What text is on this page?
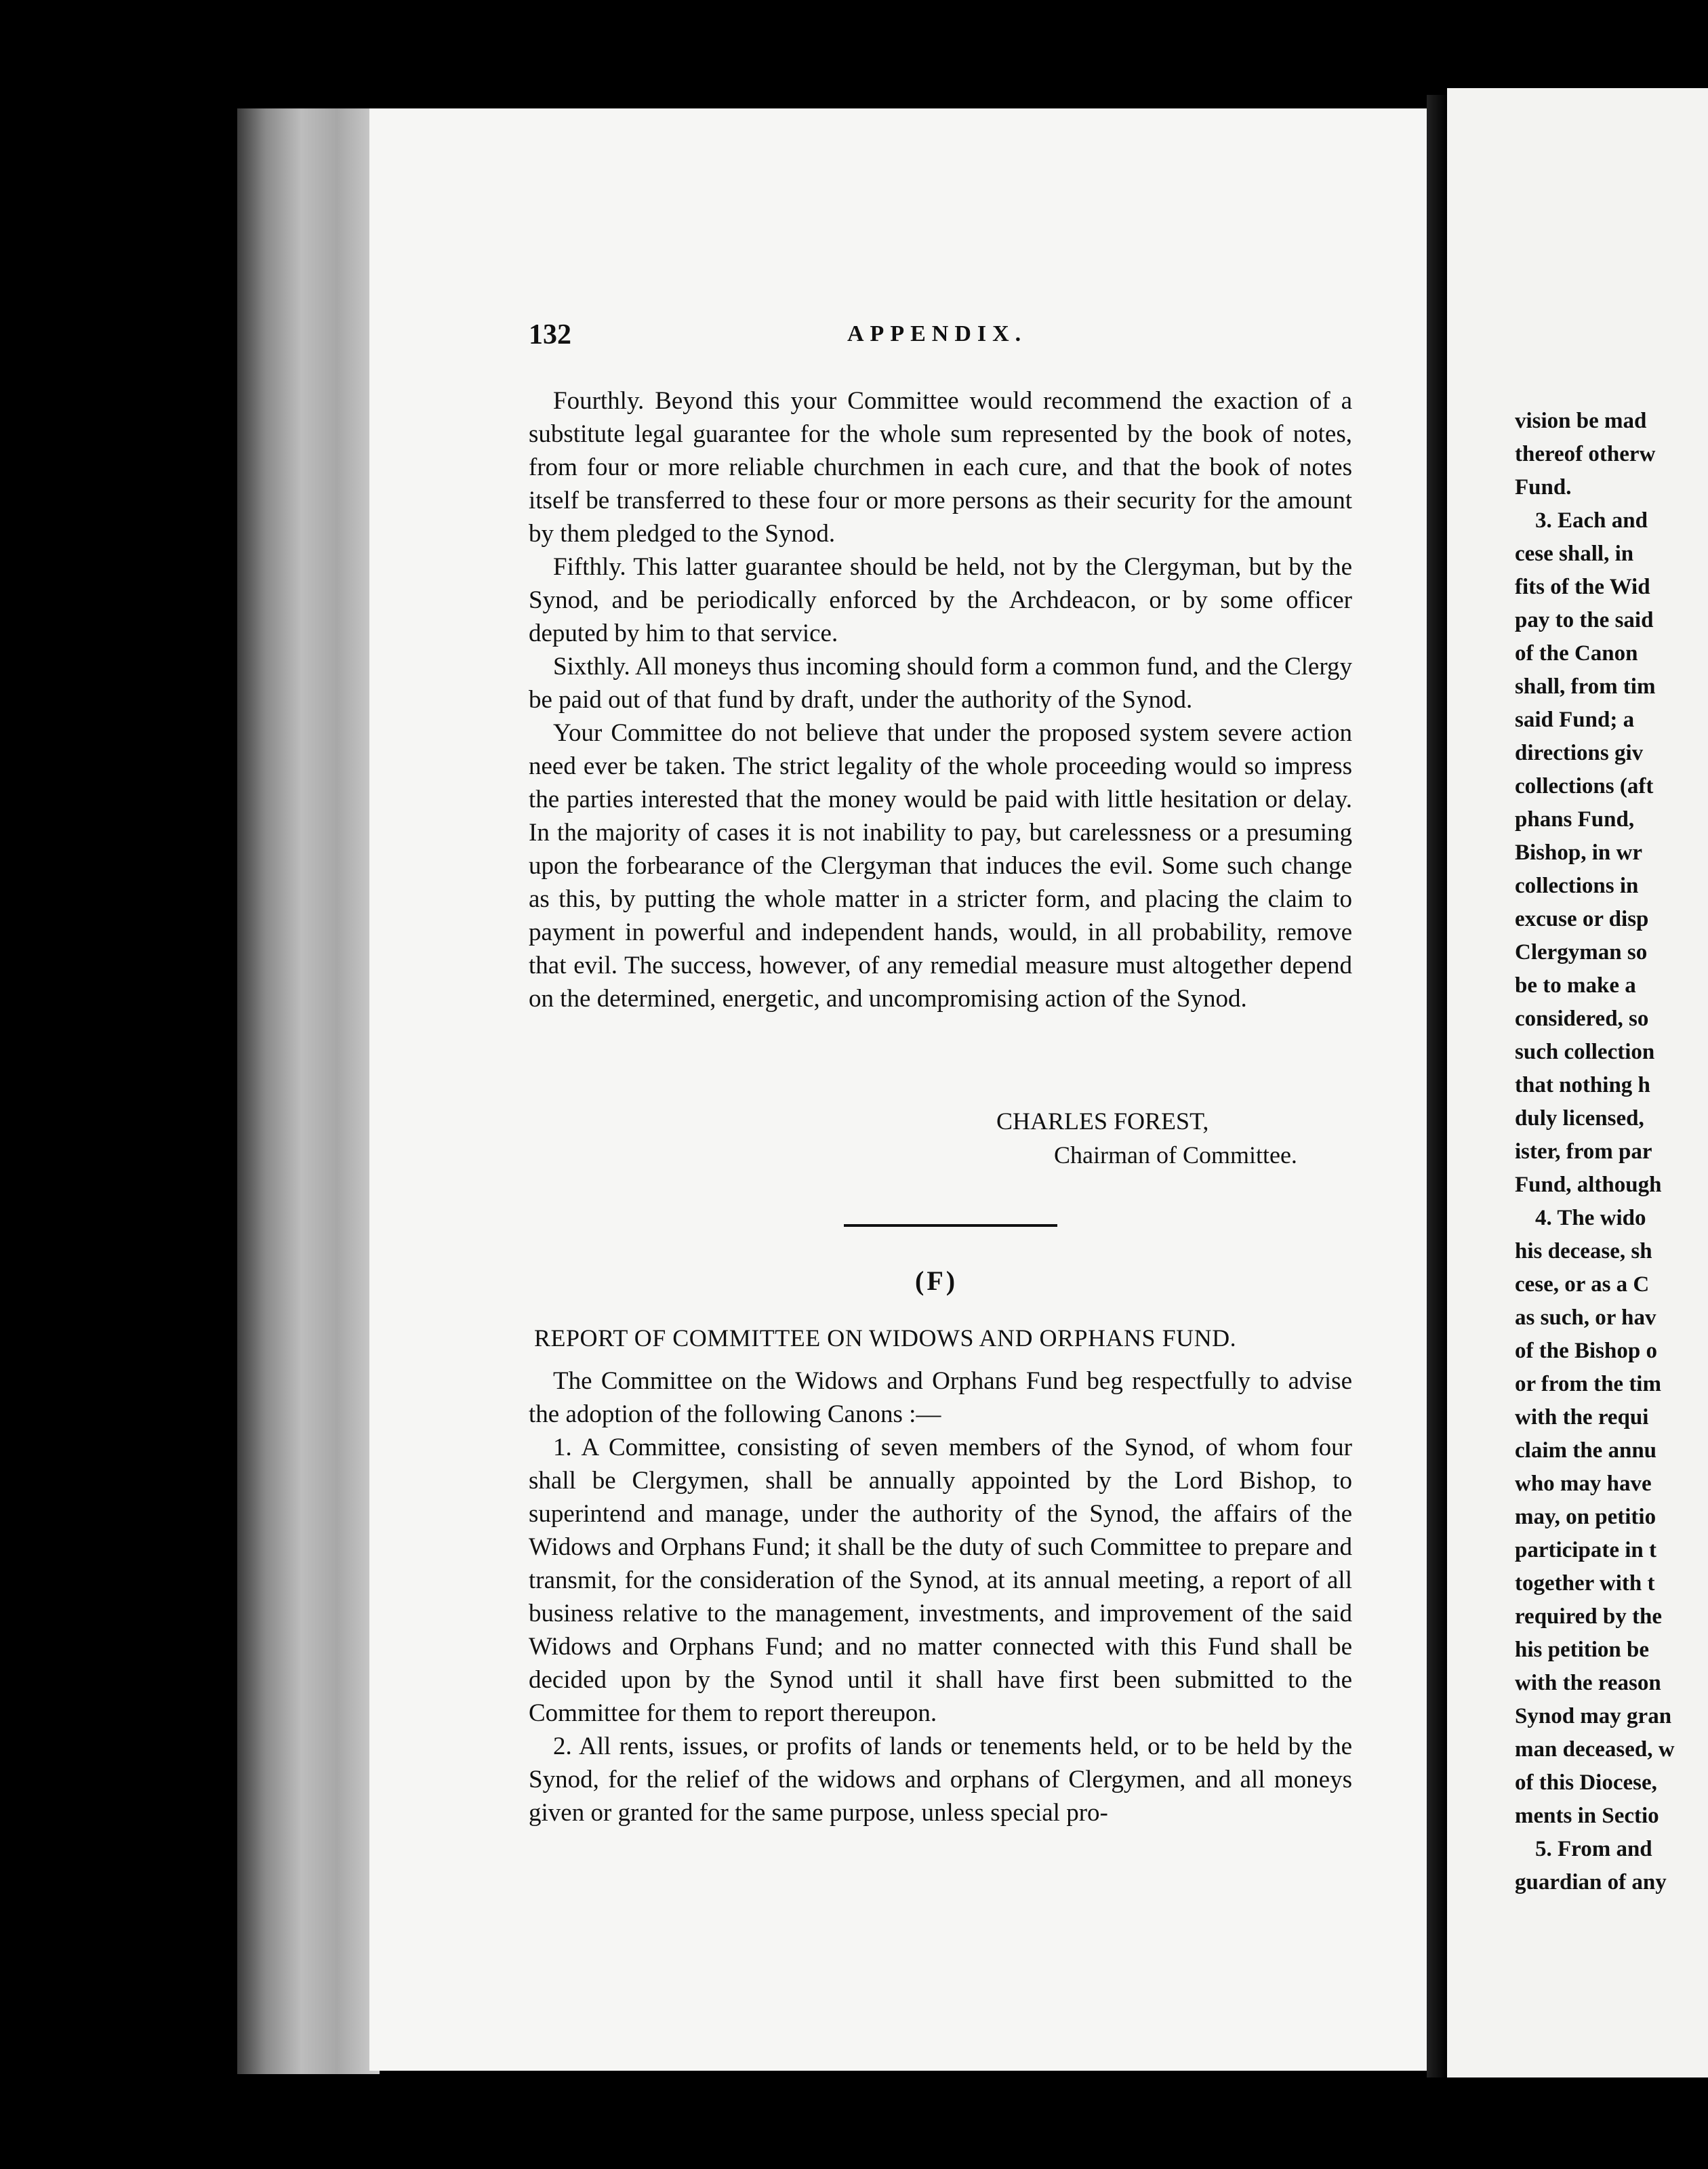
132	APPENDIX.

Fourthly. Beyond this your Committee would recommend the exaction of a substitute legal guarantee for the whole sum represented by the book of notes, from four or more reliable churchmen in each cure, and that the book of notes itself be transferred to these four or more persons as their security for the amount by them pledged to the Synod.

Fifthly. This latter guarantee should be held, not by the Clergyman, but by the Synod, and be periodically enforced by the Archdeacon, or by some officer deputed by him to that service.

Sixthly. All moneys thus incoming should form a common fund, and the Clergy be paid out of that fund by draft, under the authority of the Synod.

Your Committee do not believe that under the proposed system severe action need ever be taken. The strict legality of the whole proceeding would so impress the parties interested that the money would be paid with little hesitation or delay. In the majority of cases it is not inability to pay, but carelessness or a presuming upon the forbearance of the Clergyman that induces the evil. Some such change as this, by putting the whole matter in a stricter form, and placing the claim to payment in powerful and independent hands, would, in all probability, remove that evil. The success, however, of any remedial measure must altogether depend on the determined, energetic, and uncompromising action of the Synod.

CHARLES FOREST,
Chairman of Committee.
(F)
REPORT OF COMMITTEE ON WIDOWS AND ORPHANS FUND.

The Committee on the Widows and Orphans Fund beg respectfully to advise the adoption of the following Canons :—

1. A Committee, consisting of seven members of the Synod, of whom four shall be Clergymen, shall be annually appointed by the Lord Bishop, to superintend and manage, under the authority of the Synod, the affairs of the Widows and Orphans Fund; it shall be the duty of such Committee to prepare and transmit, for the consideration of the Synod, at its annual meeting, a report of all business relative to the management, investments, and improvement of the said Widows and Orphans Fund; and no matter connected with this Fund shall be decided upon by the Synod until it shall have first been submitted to the Committee for them to report thereupon.

2. All rents, issues, or profits of lands or tenements held, or to be held by the Synod, for the relief of the widows and orphans of Clergymen, and all moneys given or granted for the same purpose, unless special pro-

vision be mad
thereof otherw
Fund.
3. Each and
cese shall, in
fits of the Wid
pay to the said
of the Canon
shall, from tim
said Fund; a
directions giv
collections (aft
phans Fund,
Bishop, in wr
collections in
excuse or disp
Clergyman so
be to make a
considered, so
such collection
that nothing h
duly licensed,
ister, from par
Fund, although
4. The wido
his decease, sh
cese, or as a C
as such, or hav
of the Bishop o
or from the tim
with the requi
claim the annu
who may have
may, on petitio
participate in t
together with t
required by the
his petition be
with the reason
Synod may gran
man deceased, w
of this Diocese,
ments in Sectio
5. From and
guardian of any
